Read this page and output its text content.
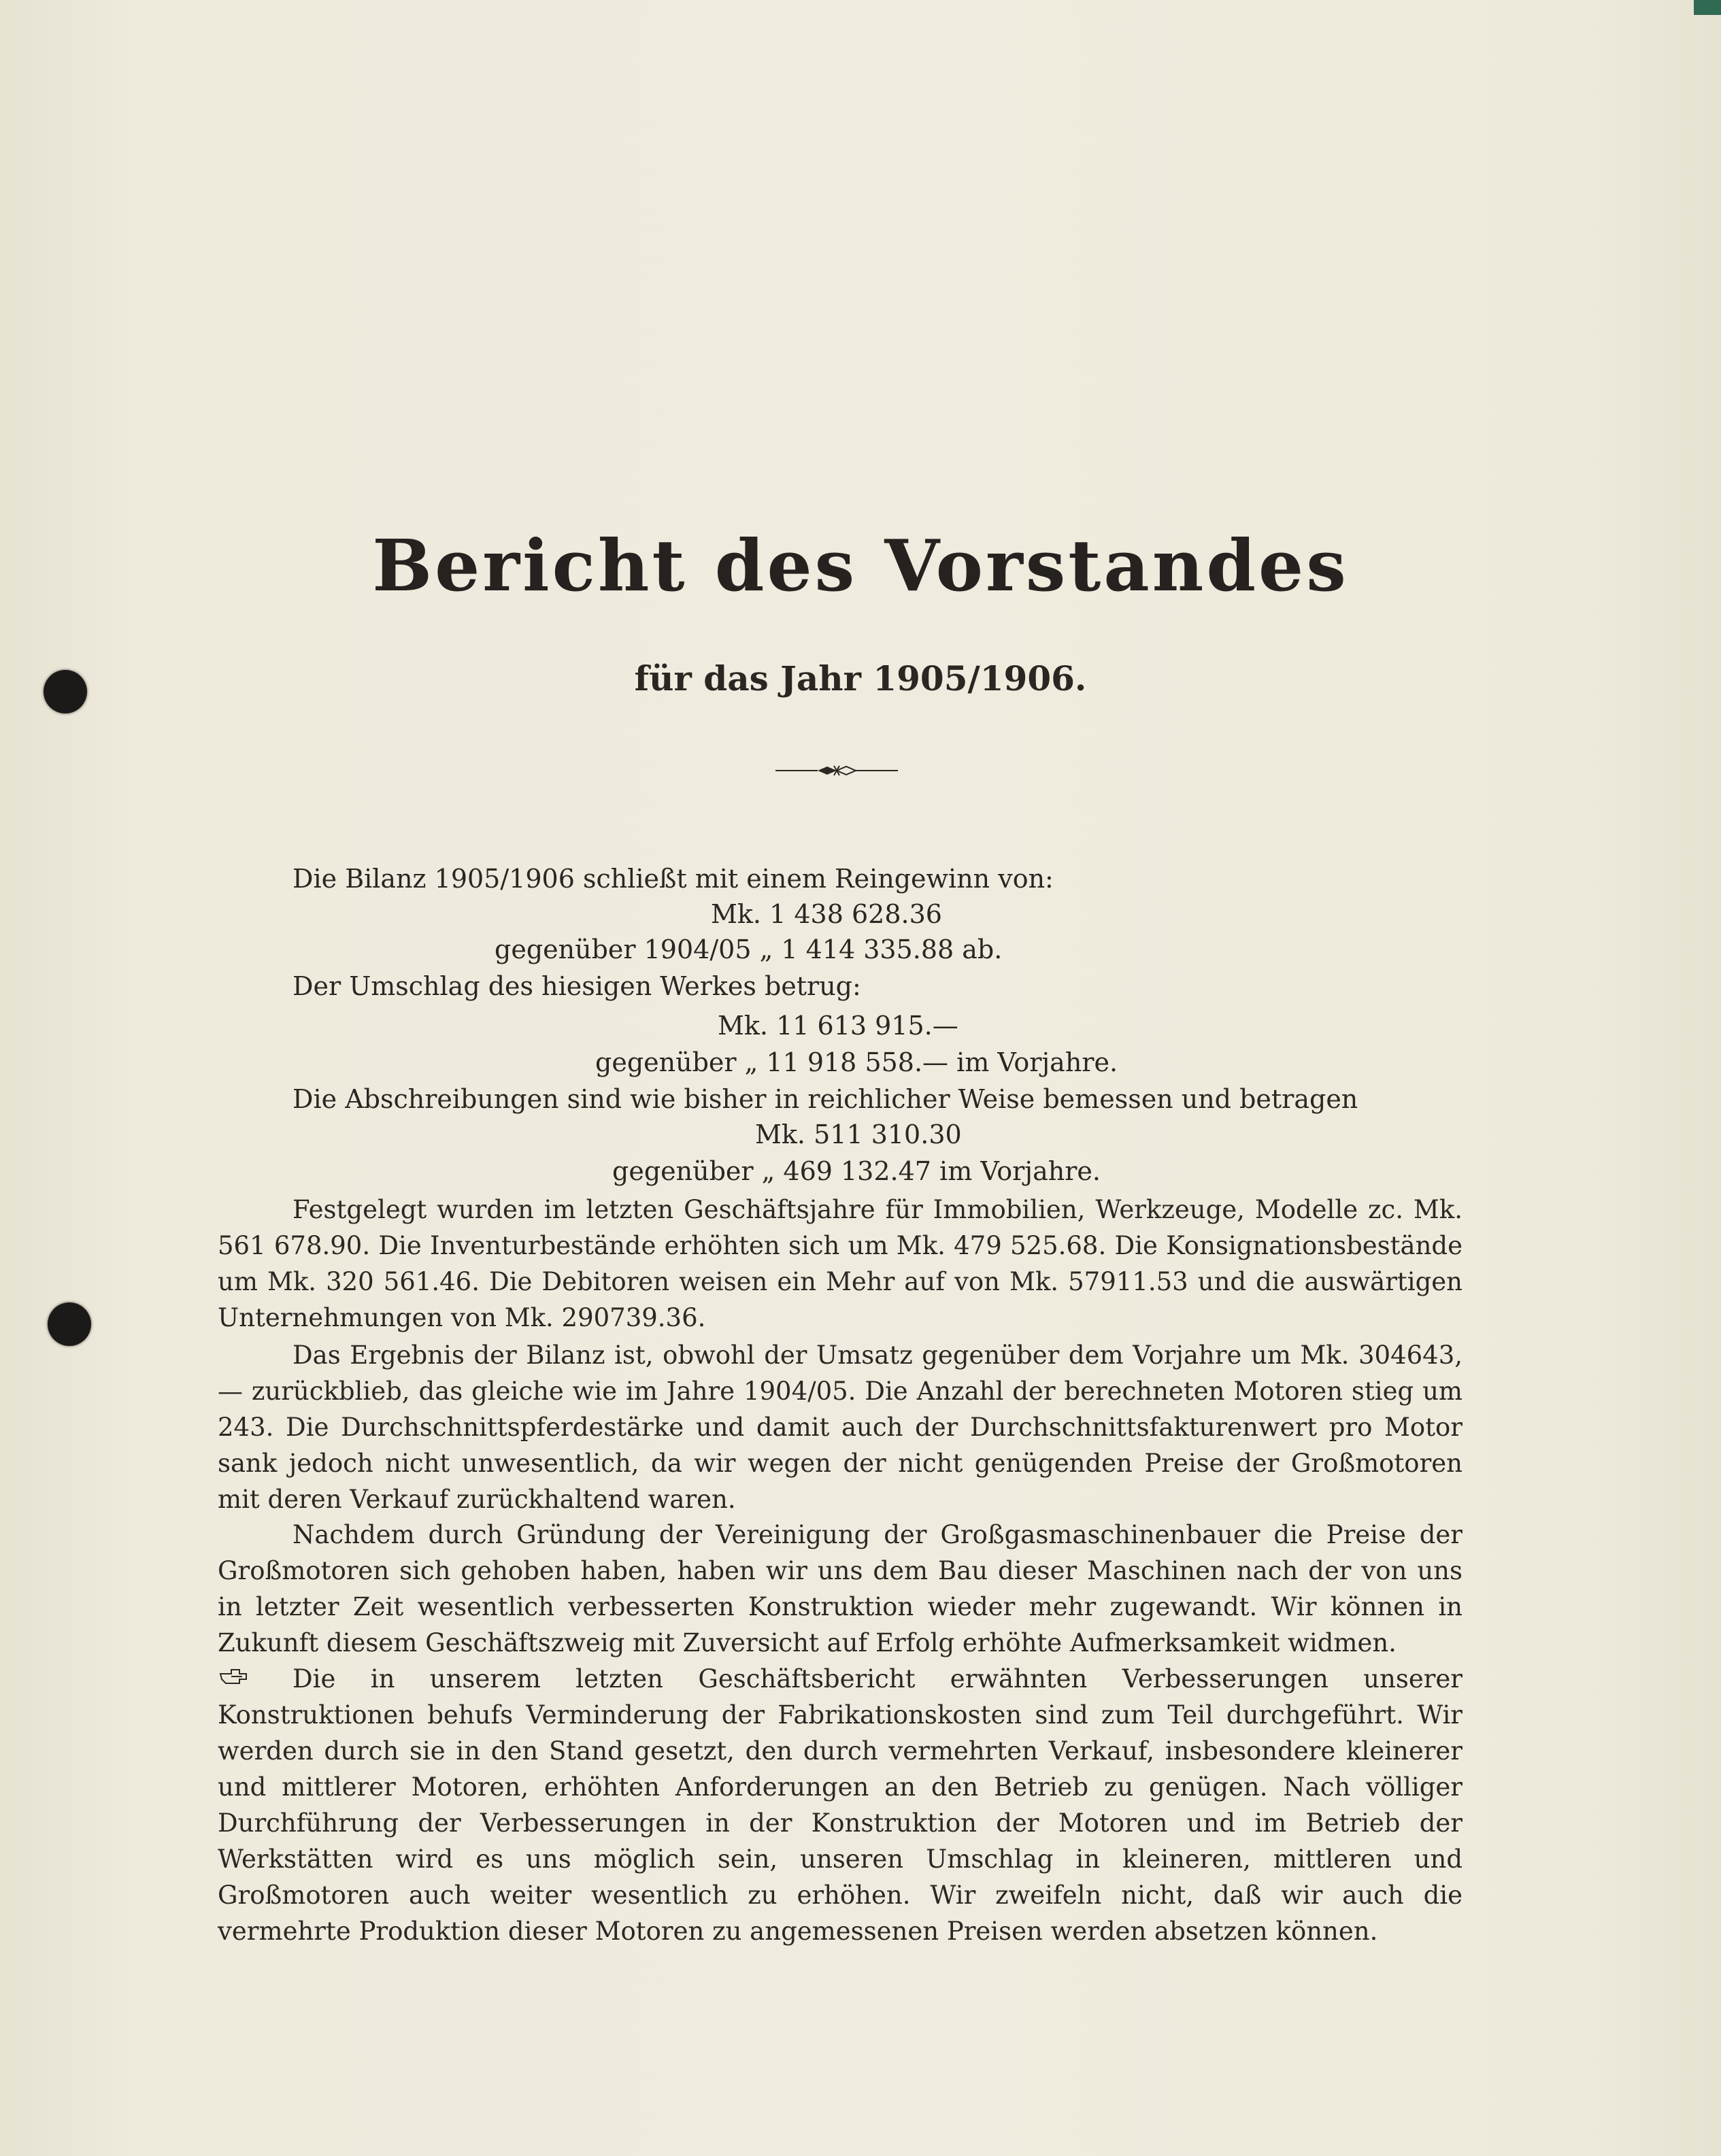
Bericht des Vorstandes
für das Jahr 1905/1906.
Die Bilanz 1905/1906 schließt mit einem Reingewinn von:
Mk. 1 438 628.36
gegenüber 1904/05 „ 1 414 335.88 ab.
Der Umschlag des hiesigen Werkes betrug:
Mk. 11 613 915.—
gegenüber „ 11 918 558.— im Vorjahre.
Die Abschreibungen sind wie bisher in reichlicher Weise bemessen und betragen
Mk. 511 310.30
gegenüber „ 469 132.47 im Vorjahre.
Festgelegt wurden im letzten Geschäftsjahre für Immobilien, Werkzeuge, Modelle zc. Mk. 561 678.90. Die Inventurbestände erhöhten sich um Mk. 479 525.68. Die Konsignationsbestände um Mk. 320 561.46. Die Debitoren weisen ein Mehr auf von Mk. 57911.53 und die auswärtigen Unternehmungen von Mk. 290739.36.
Das Ergebnis der Bilanz ist, obwohl der Umsatz gegenüber dem Vorjahre um Mk. 304643,— zurückblieb, das gleiche wie im Jahre 1904/05. Die Anzahl der berechneten Motoren stieg um 243. Die Durchschnittspferdestärke und damit auch der Durchschnittsfakturenwert pro Motor sank jedoch nicht unwesentlich, da wir wegen der nicht genügenden Preise der Großmotoren mit deren Verkauf zurückhaltend waren.
Nachdem durch Gründung der Vereinigung der Großgasmaschinenbauer die Preise der Großmotoren sich gehoben haben, haben wir uns dem Bau dieser Maschinen nach der von uns in letzter Zeit wesentlich verbesserten Konstruktion wieder mehr zugewandt. Wir können in Zukunft diesem Geschäftszweig mit Zuversicht auf Erfolg erhöhte Aufmerksamkeit widmen.
Die in unserem letzten Geschäftsbericht erwähnten Verbesserungen unserer Konstruktionen behufs Verminderung der Fabrikationskosten sind zum Teil durchgeführt. Wir werden durch sie in den Stand gesetzt, den durch vermehrten Verkauf, insbesondere kleinerer und mittlerer Motoren, erhöhten Anforderungen an den Betrieb zu genügen. Nach völliger Durchführung der Verbesserungen in der Konstruktion der Motoren und im Betrieb der Werkstätten wird es uns möglich sein, unseren Umschlag in kleineren, mittleren und Großmotoren auch weiter wesentlich zu erhöhen. Wir zweifeln nicht, daß wir auch die vermehrte Produktion dieser Motoren zu angemessenen Preisen werden absetzen können.
